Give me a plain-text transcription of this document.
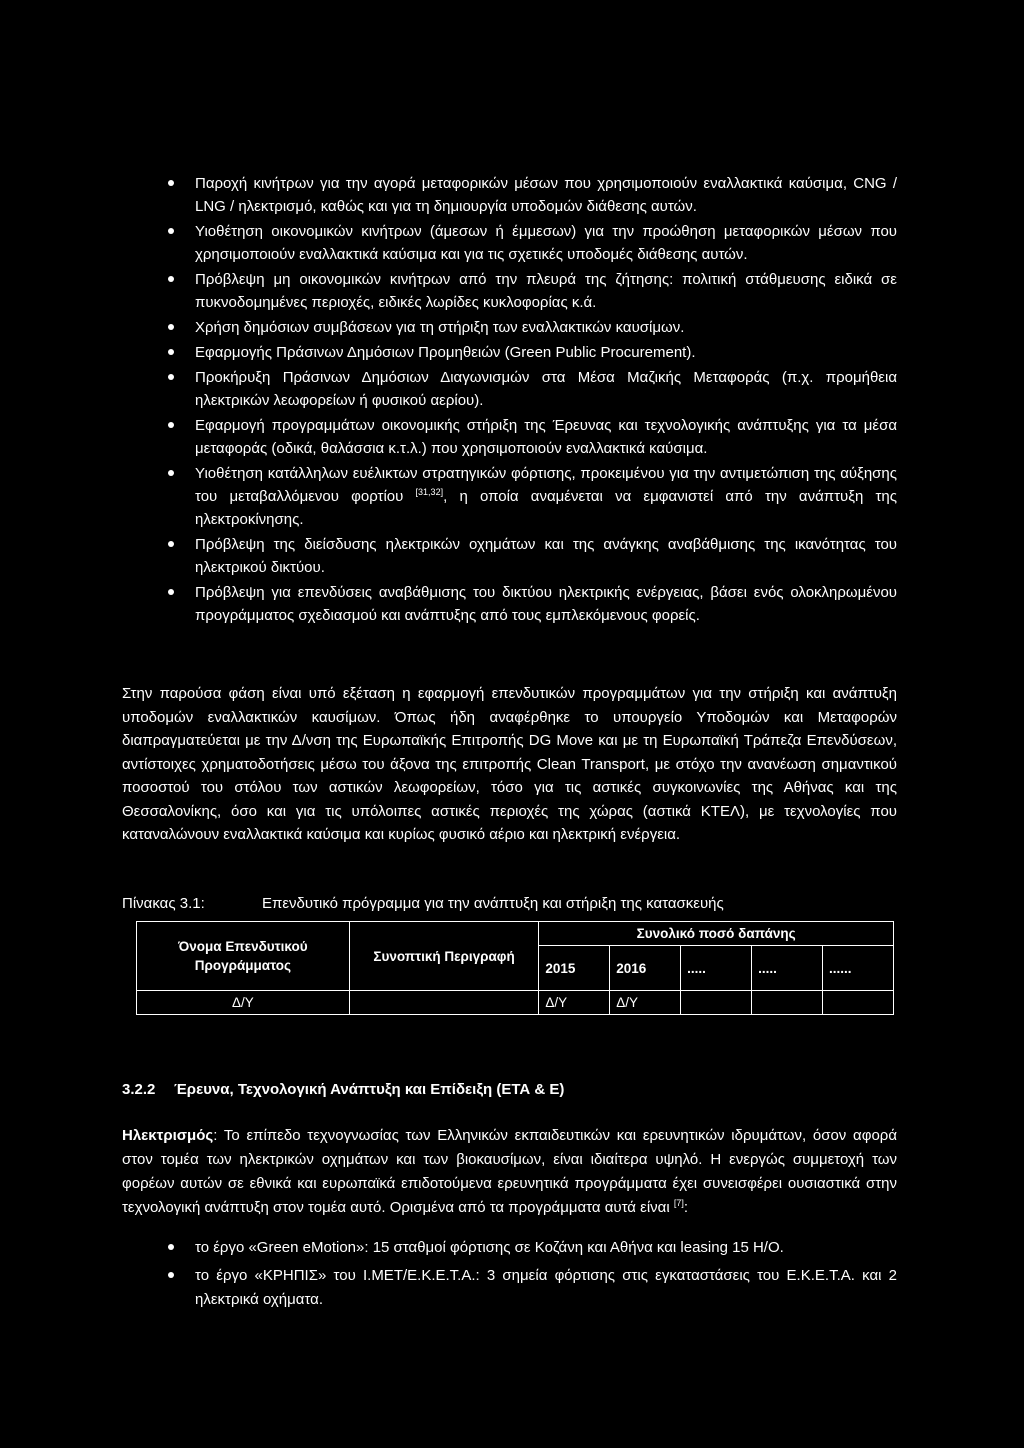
Παροχή κινήτρων για την αγορά μεταφορικών μέσων που χρησιμοποιούν εναλλακτικά καύσιμα, CNG / LNG / ηλεκτρισμό, καθώς και για τη δημιουργία υποδομών διάθεσης αυτών.
Υιοθέτηση οικονομικών κινήτρων (άμεσων ή έμμεσων) για την προώθηση μεταφορικών μέσων που χρησιμοποιούν εναλλακτικά καύσιμα και για τις σχετικές υποδομές διάθεσης αυτών.
Πρόβλεψη μη οικονομικών κινήτρων από την πλευρά της ζήτησης: πολιτική στάθμευσης ειδικά σε πυκνοδομημένες περιοχές, ειδικές λωρίδες κυκλοφορίας κ.ά.
Χρήση δημόσιων συμβάσεων για τη στήριξη των εναλλακτικών καυσίμων.
Εφαρμογής Πράσινων Δημόσιων Προμηθειών (Green Public Procurement).
Προκήρυξη Πράσινων Δημόσιων Διαγωνισμών στα Μέσα Μαζικής Μεταφοράς (π.χ. προμήθεια ηλεκτρικών λεωφορείων ή φυσικού αερίου).
Εφαρμογή προγραμμάτων οικονομικής στήριξη της Έρευνας και τεχνολογικής ανάπτυξης για τα μέσα μεταφοράς (οδικά, θαλάσσια κ.τ.λ.) που χρησιμοποιούν εναλλακτικά καύσιμα.
Υιοθέτηση κατάλληλων ευέλικτων στρατηγικών φόρτισης, προκειμένου για την αντιμετώπιση της αύξησης του μεταβαλλόμενου φορτίου [31,32], η οποία αναμένεται να εμφανιστεί από την ανάπτυξη της ηλεκτροκίνησης.
Πρόβλεψη της διείσδυσης ηλεκτρικών οχημάτων και της ανάγκης αναβάθμισης της ικανότητας του ηλεκτρικού δικτύου.
Πρόβλεψη για επενδύσεις αναβάθμισης του δικτύου ηλεκτρικής ενέργειας, βάσει ενός ολοκληρωμένου προγράμματος σχεδιασμού και ανάπτυξης από τους εμπλεκόμενους φορείς.

Στην παρούσα φάση είναι υπό εξέταση η εφαρμογή επενδυτικών προγραμμάτων για την στήριξη και ανάπτυξη υποδομών εναλλακτικών καυσίμων. Όπως ήδη αναφέρθηκε το υπουργείο Υποδομών και Μεταφορών διαπραγματεύεται με την Δ/νση της Ευρωπαϊκής Επιτροπής DG Move και με τη Ευρωπαϊκή Τράπεζα Επενδύσεων, αντίστοιχες χρηματοδοτήσεις μέσω του άξονα της επιτροπής Clean Transport, με στόχο την ανανέωση σημαντικού ποσοστού του στόλου των αστικών λεωφορείων, τόσο για τις αστικές συγκοινωνίες της Αθήνας και της Θεσσαλονίκης, όσο και για τις υπόλοιπες αστικές περιοχές της χώρας (αστικά ΚΤΕΛ), με τεχνολογίες που καταναλώνουν εναλλακτικά καύσιμα και κυρίως φυσικό αέριο και ηλεκτρική ενέργεια.

Πίνακας 3.1:	Επενδυτικό πρόγραμμα για την ανάπτυξη και στήριξη της κατασκευής
Όνομα Επενδυτικού Προγράμματος	Συνοπτική Περιγραφή	Συνολικό ποσό δαπάνης				
		2015	2016	.....	.....	......
Δ/Υ		Δ/Υ	Δ/Υ			
3.2.2 Έρευνα, Τεχνολογική Ανάπτυξη και Επίδειξη (ΕΤΑ & Ε)

Ηλεκτρισμός: Το επίπεδο τεχνογνωσίας των Ελληνικών εκπαιδευτικών και ερευνητικών ιδρυμάτων, όσον αφορά στον τομέα των ηλεκτρικών οχημάτων και των βιοκαυσίμων, είναι ιδιαίτερα υψηλό. Η ενεργώς συμμετοχή των φορέων αυτών σε εθνικά και ευρωπαϊκά επιδοτούμενα ερευνητικά προγράμματα έχει συνεισφέρει ουσιαστικά στην τεχνολογική ανάπτυξη στον τομέα αυτό. Ορισμένα από τα προγράμματα αυτά είναι [7]:

το έργο «Green eMotion»: 15 σταθμοί φόρτισης σε Κοζάνη και Αθήνα και leasing 15 Η/Ο.
το έργο «ΚΡΗΠΙΣ» του Ι.ΜΕΤ/Ε.Κ.Ε.Τ.Α.: 3 σημεία φόρτισης στις εγκαταστάσεις του Ε.Κ.Ε.Τ.Α. και 2 ηλεκτρικά οχήματα.
